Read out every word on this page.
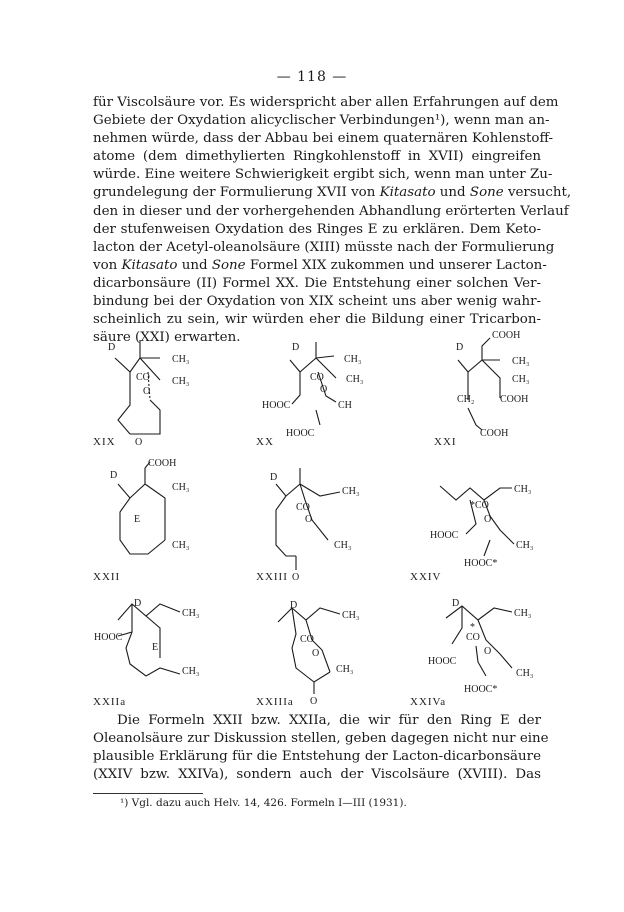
— 118 —
für Viscolsäure vor. Es widerspricht aber allen Erfahrungen auf dem
Gebiete der Oxydation alicyclischer Verbindungen¹), wenn man an-
nehmen würde, dass der Abbau bei einem quaternären Kohlenstoff-
atome (dem dimethylierten Ringkohlenstoff in XVII) eingreifen
würde. Eine weitere Schwierigkeit ergibt sich, wenn man unter Zu-
grundelegung der Formulierung XVII von Kitasato und Sone versucht,
den in dieser und der vorhergehenden Abhandlung erörterten Verlauf
der stufenweisen Oxydation des Ringes E zu erklären. Dem Keto-
lacton der Acetyl-oleanolsäure (XIII) müsste nach der Formulierung
von Kitasato und Sone Formel XIX zukommen und unserer Lacton-
dicarbonsäure (II) Formel XX. Die Entstehung einer solchen Ver-
bindung bei der Oxydation von XIX scheint uns aber wenig wahr-
scheinlich zu sein, wir würden eher die Bildung einer Tricarbon-
säure (XXI) erwarten.
D
CH₃
CH₃
CO
O
O
XIX
D
CH₃
CH₃
CO
O
HOOC	CH
HOOC
XX
D
COOH
CH₃
CH₃
CH₂	COOH
COOH
XXI
D
COOH
CH₃
E
CH₃
XXII
D
CH₃
CO
O
CH₃
O
XXIII
*CO
O
CH₃
HOOC
CH₃
HOOC*
XXIV
D
CH₃
HOOC
E
CH₃
XXIIa
D
CH₃
CO
O
CH₃
O
XXIIIa
D
CH₃
*
CO
O
HOOC
CH₃
HOOC*
XXIVa
Die Formeln XXII bzw. XXIIa, die wir für den Ring E der
Oleanolsäure zur Diskussion stellen, geben dagegen nicht nur eine
plausible Erklärung für die Entstehung der Lacton-dicarbonsäure
(XXIV bzw. XXIVa), sondern auch der Viscolsäure (XVIII). Das
¹) Vgl. dazu auch Helv. 14, 426. Formeln I—III (1931).
